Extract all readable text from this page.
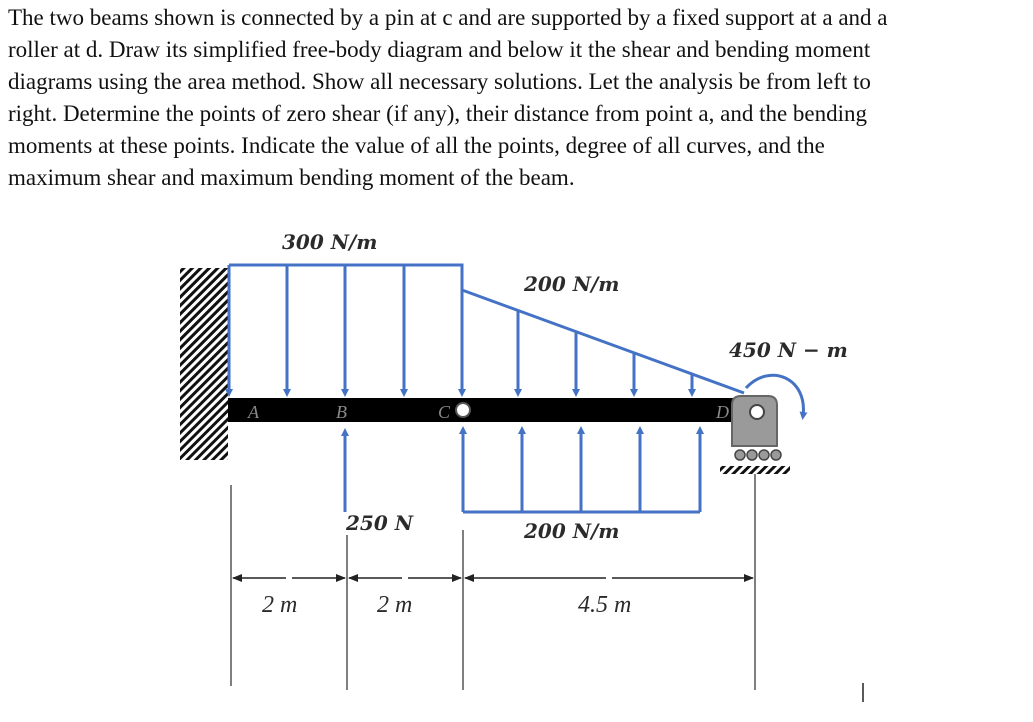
The two beams shown is connected by a pin at c and are supported by a fixed support at a and a
roller at d. Draw its simplified free-body diagram and below it the shear and bending moment
diagrams using the area method. Show all necessary solutions. Let the analysis be from left to
right. Determine the points of zero shear (if any), their distance from point a, and the bending
moments at these points. Indicate the value of all the points, degree of all curves, and the
maximum shear and maximum bending moment of the beam.
A	B	C	D
300 N/m
200 N/m
450 N − m
250 N	200 N/m
2 m	2 m	4.5 m
